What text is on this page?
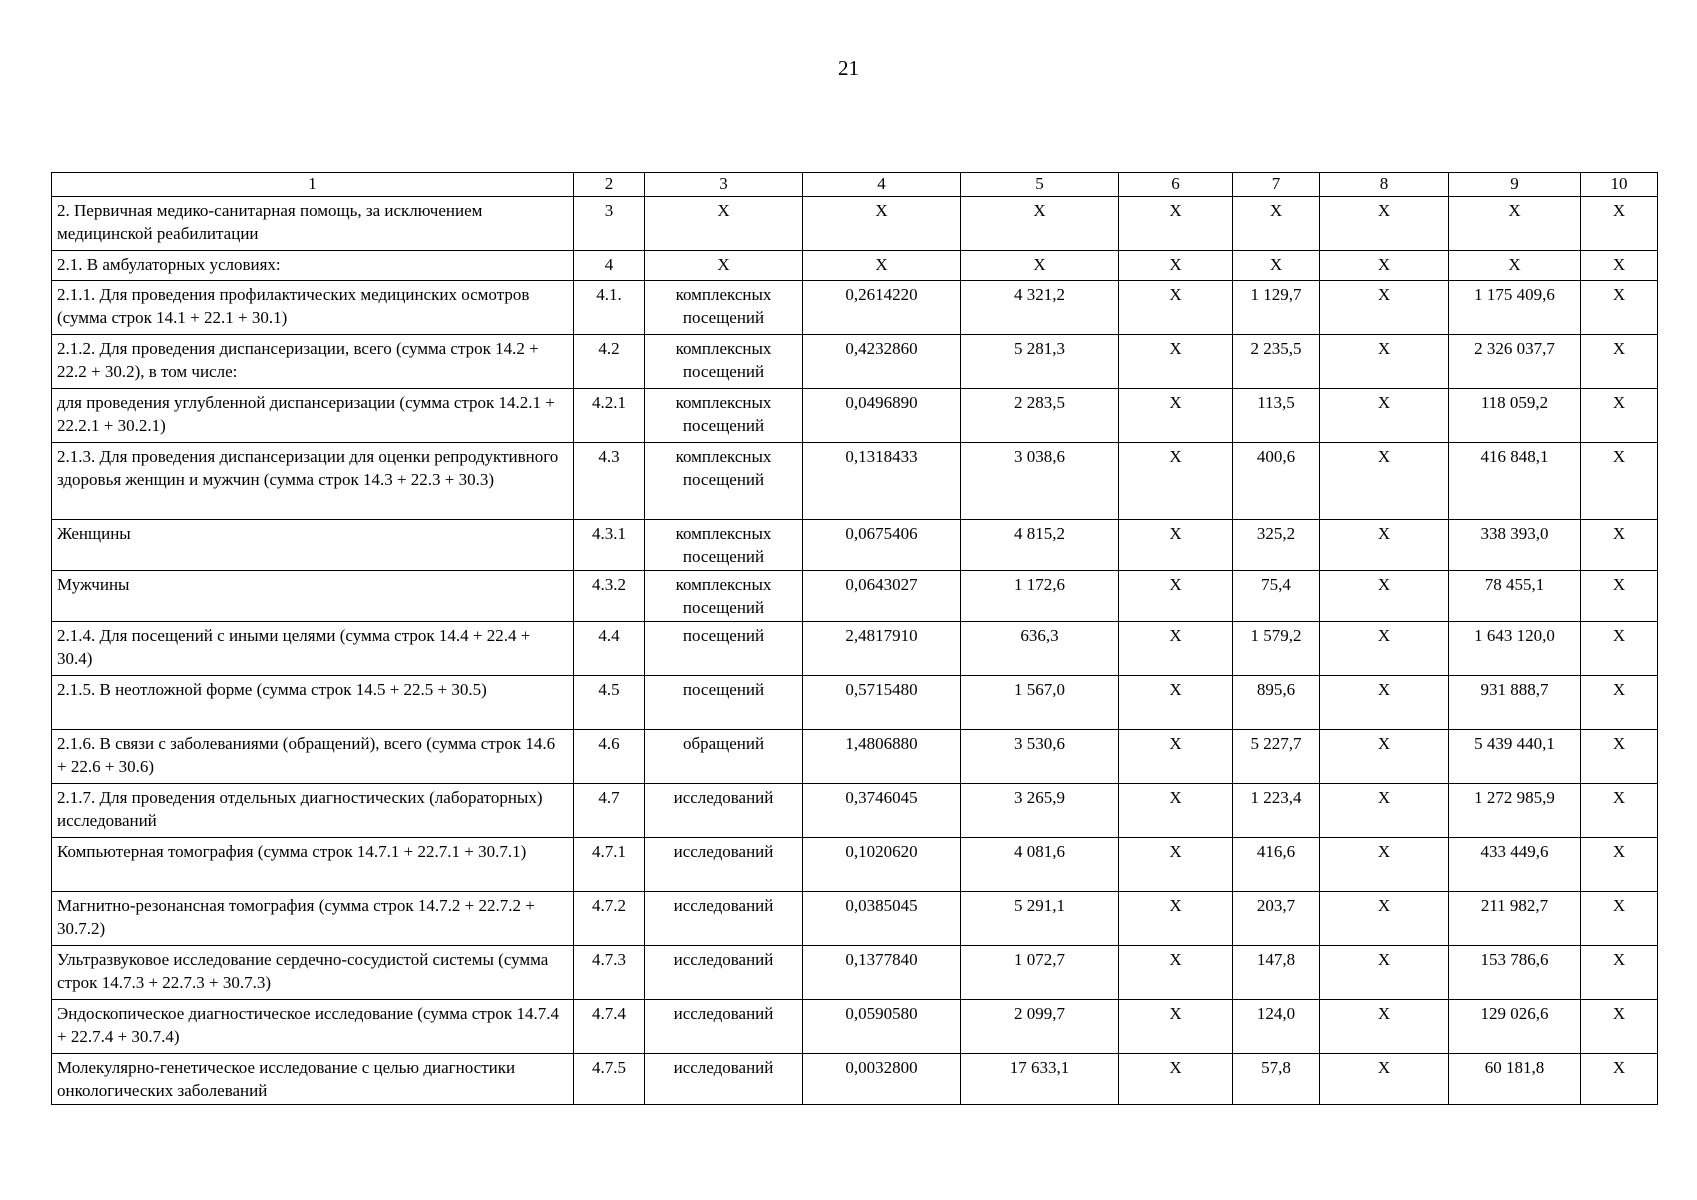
21
1	2	3	4	5	6	7	8	9	10
2. Первичная медико-санитарная помощь, за исключением медицинской реабилитации	3	X	X	X	X	X	X	X	X
2.1. В амбулаторных условиях:	4	X	X	X	X	X	X	X	X
2.1.1. Для проведения профилактических медицинских осмотров (сумма строк 14.1 + 22.1 + 30.1)	4.1.	комплексных посещений	0,2614220	4 321,2	X	1 129,7	X	1 175 409,6	X
2.1.2. Для проведения диспансеризации, всего (сумма строк 14.2 + 22.2 + 30.2), в том числе:	4.2	комплексных посещений	0,4232860	5 281,3	X	2 235,5	X	2 326 037,7	X
для проведения углубленной диспансеризации (сумма строк 14.2.1 + 22.2.1 + 30.2.1)	4.2.1	комплексных посещений	0,0496890	2 283,5	X	113,5	X	118 059,2	X
2.1.3. Для проведения диспансеризации для оценки репродуктивного здоровья женщин и мужчин (сумма строк 14.3 + 22.3 + 30.3)	4.3	комплексных посещений	0,1318433	3 038,6	X	400,6	X	416 848,1	X
Женщины	4.3.1	комплексных посещений	0,0675406	4 815,2	X	325,2	X	338 393,0	X
Мужчины	4.3.2	комплексных посещений	0,0643027	1 172,6	X	75,4	X	78 455,1	X
2.1.4. Для посещений с иными целями (сумма строк 14.4 + 22.4 + 30.4)	4.4	посещений	2,4817910	636,3	X	1 579,2	X	1 643 120,0	X
2.1.5. В неотложной форме (сумма строк 14.5 + 22.5 + 30.5)	4.5	посещений	0,5715480	1 567,0	X	895,6	X	931 888,7	X
2.1.6. В связи с заболеваниями (обращений), всего (сумма строк 14.6 + 22.6 + 30.6)	4.6	обращений	1,4806880	3 530,6	X	5 227,7	X	5 439 440,1	X
2.1.7. Для проведения отдельных диагностических (лабораторных) исследований	4.7	исследований	0,3746045	3 265,9	X	1 223,4	X	1 272 985,9	X
Компьютерная томография (сумма строк 14.7.1 + 22.7.1 + 30.7.1)	4.7.1	исследований	0,1020620	4 081,6	X	416,6	X	433 449,6	X
Магнитно-резонансная томография (сумма строк 14.7.2 + 22.7.2 + 30.7.2)	4.7.2	исследований	0,0385045	5 291,1	X	203,7	X	211 982,7	X
Ультразвуковое исследование сердечно-сосудистой системы (сумма строк 14.7.3 + 22.7.3 + 30.7.3)	4.7.3	исследований	0,1377840	1 072,7	X	147,8	X	153 786,6	X
Эндоскопическое диагностическое исследование (сумма строк 14.7.4 + 22.7.4 + 30.7.4)	4.7.4	исследований	0,0590580	2 099,7	X	124,0	X	129 026,6	X
Молекулярно-генетическое исследование с целью диагностики онкологических заболеваний	4.7.5	исследований	0,0032800	17 633,1	X	57,8	X	60 181,8	X
